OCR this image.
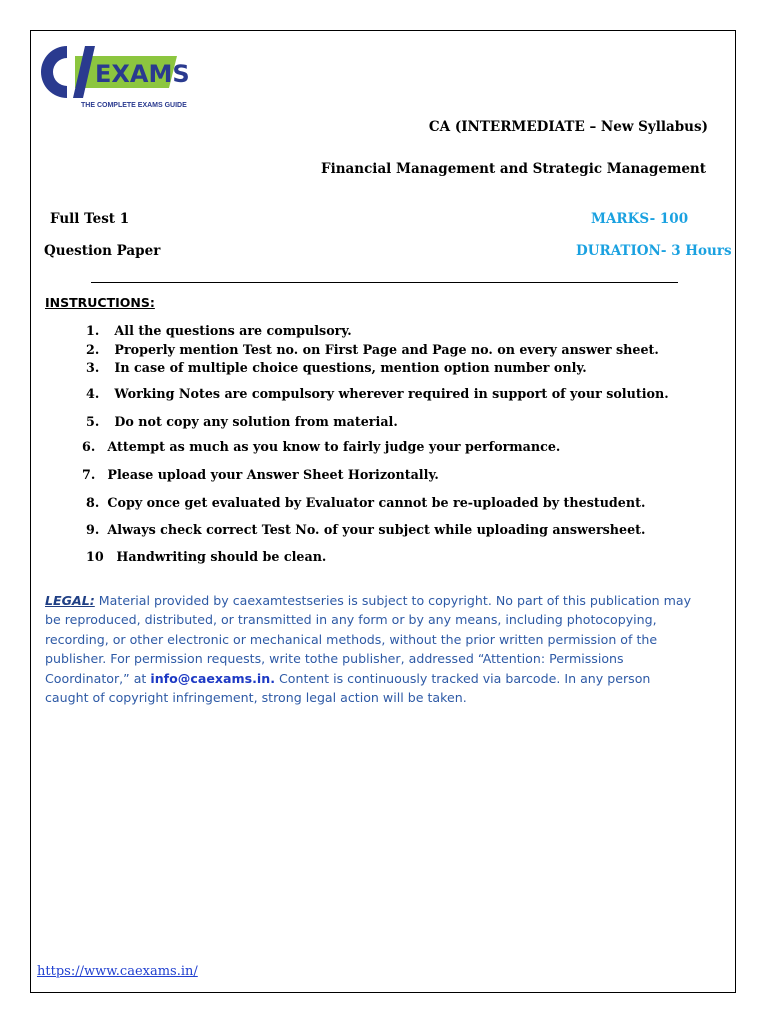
EXAMS
THE COMPLETE EXAMS GUIDE
CA (INTERMEDIATE – New Syllabus)
Financial Management and Strategic Management
Full Test 1
Question Paper
MARKS- 100
DURATION- 3 Hours
INSTRUCTIONS:
1. All the questions are compulsory.
2. Properly mention Test no. on First Page and Page no. on every answer sheet.
3. In case of multiple choice questions, mention option number only.
4. Working Notes are compulsory wherever required in support of your solution.
5. Do not copy any solution from material.
6. Attempt as much as you know to fairly judge your performance.
7. Please upload your Answer Sheet Horizontally.
8. Copy once get evaluated by Evaluator cannot be re-uploaded by thestudent.
9. Always check correct Test No. of your subject while uploading answersheet.
10 Handwriting should be clean.
LEGAL: Material provided by caexamtestseries is subject to copyright. No part of this publication may be reproduced, distributed, or transmitted in any form or by any means, including photocopying, recording, or other electronic or mechanical methods, without the prior written permission of the publisher. For permission requests, write tothe publisher, addressed “Attention: Permissions Coordinator,” at info@caexams.in. Content is continuously tracked via barcode. In any person caught of copyright infringement, strong legal action will be taken.
https://www.caexams.in/
